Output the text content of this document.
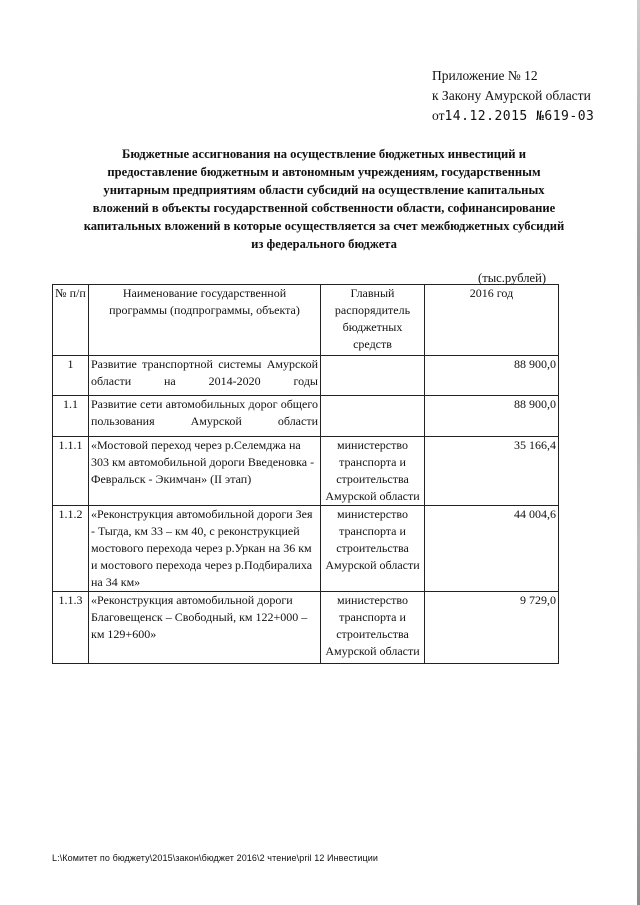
Приложение № 12
к Закону Амурской области
от14.12.2015 №619-03
Бюджетные ассигнования на осуществление бюджетных инвестиций и
предоставление бюджетным и автономным учреждениям, государственным
унитарным предприятиям области субсидий на осуществление капитальных
вложений в объекты государственной собственности области, софинансирование
капитальных вложений в которые осуществляется за счет межбюджетных субсидий
из федерального бюджета
(тыс.рублей)
№ п/п	Наименование государственной программы (подпрограммы, объекта)	Главный распорядитель бюджетных средств	2016 год
1	Развитие транспортной системы Амурской области на 2014-2020 годы		88 900,0
1.1	Развитие сети автомобильных дорог общего пользования Амурской области		88 900,0
1.1.1	«Мостовой переход через р.Селемджа на 303 км автомобильной дороги Введеновка - Февральск - Экимчан» (II этап)	министерство транспорта и строительства Амурской области	35 166,4
1.1.2	«Реконструкция автомобильной дороги Зея - Тыгда, км 33 – км 40, с реконструкцией мостового перехода через р.Уркан на 36 км и мостового перехода через р.Подбиралиха на 34 км»	министерство транспорта и строительства Амурской области	44 004,6
1.1.3	«Реконструкция автомобильной дороги Благовещенск – Свободный, км 122+000 – км 129+600»	министерство транспорта и строительства Амурской области	9 729,0
L:\Комитет по бюджету\2015\закон\бюджет 2016\2 чтение\pril 12 Инвестиции
